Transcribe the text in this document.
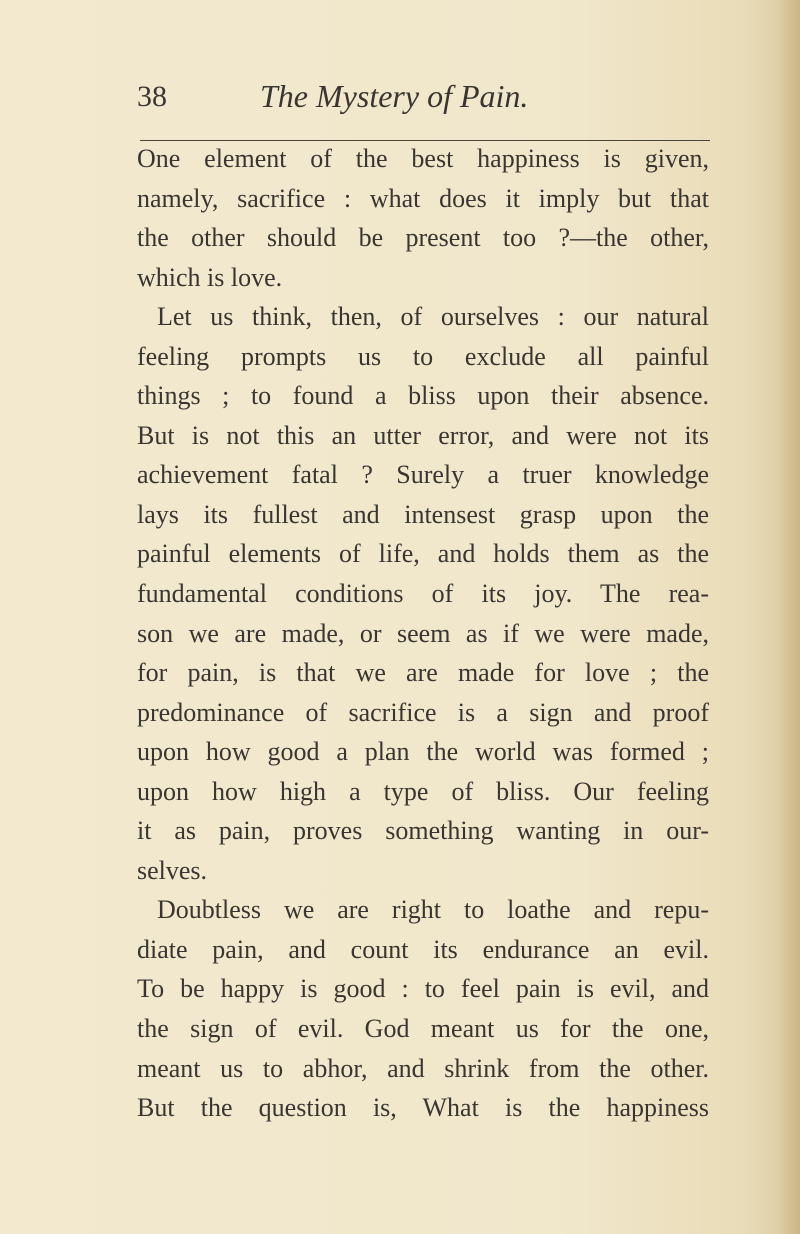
38	The Mystery of Pain.
One element of the best happiness is given,
namely, sacrifice : what does it imply but that
the other should be present too ?—the other,
which is love.
Let us think, then, of ourselves : our natural
feeling prompts us to exclude all painful
things ; to found a bliss upon their absence.
But is not this an utter error, and were not its
achievement fatal ? Surely a truer knowledge
lays its fullest and intensest grasp upon the
painful elements of life, and holds them as the
fundamental conditions of its joy. The rea-
son we are made, or seem as if we were made,
for pain, is that we are made for love ; the
predominance of sacrifice is a sign and proof
upon how good a plan the world was formed ;
upon how high a type of bliss. Our feeling
it as pain, proves something wanting in our-
selves.
Doubtless we are right to loathe and repu-
diate pain, and count its endurance an evil.
To be happy is good : to feel pain is evil, and
the sign of evil. God meant us for the one,
meant us to abhor, and shrink from the other.
But the question is, What is the happiness
